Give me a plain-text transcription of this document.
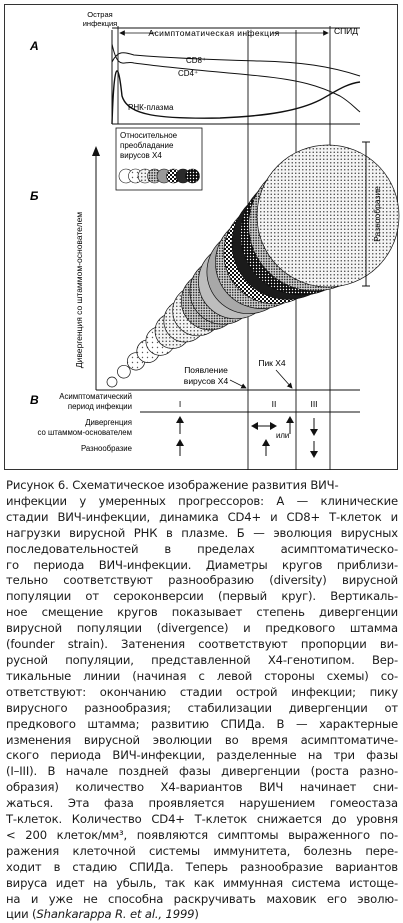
А
Острая
инфекция
Асимптоматическая инфекция	СПИД
CD8⁺
CD4⁺
РНК-плазма
Б
Дивергенция со штаммом-основателем
Относительное
преобладание
вирусов X4
Разнообразие
Пик X4
Появление
вирусов X4
В	Асимптоматический
период инфекции
Дивергенция
со штаммом-основателем
Разнообразие
I	II	III
или
Рисунок 6. Схематическое изображение развития ВИЧ-
инфекции у умеренных прогрессоров: А — клинические
стадии ВИЧ-инфекции, динамика CD4+ и CD8+ Т-клеток и
нагрузки вирусной РНК в плазме. Б — эволюция вирусных
последовательностей в пределах асимптоматическо-
го периода ВИЧ-инфекции. Диаметры кругов приблизи-
тельно соответствуют разнообразию (diversity) вирусной
популяции от сероконверсии (первый круг). Вертикаль-
ное смещение кругов показывает степень дивергенции
вирусной популяции (divergence) и предкового штамма
(founder strain). Затенения соответствуют пропорции ви-
русной популяции, представленной Х4-генотипом. Вер-
тикальные линии (начиная с левой стороны схемы) со-
ответствуют: окончанию стадии острой инфекции; пику
вирусного разнообразия; стабилизации дивергенции от
предкового штамма; развитию СПИДа. В — характерные
изменения вирусной эволюции во время асимптоматиче-
ского периода ВИЧ-инфекции, разделенные на три фазы
(I–III). В начале поздней фазы дивергенции (роста разно-
образия) количество Х4-вариантов ВИЧ начинает сни-
жаться. Эта фаза проявляется нарушением гомеостаза
Т-клеток. Количество CD4+ Т-клеток снижается до уровня
< 200 клеток/мм³, появляются симптомы выраженного по-
ражения клеточной системы иммунитета, болезнь пере-
ходит в стадию СПИДа. Теперь разнообразие вариантов
вируса идет на убыль, так как иммунная система истоще-
на и уже не способна раскручивать маховик его эволю-
ции (Shankarappa R. et al., 1999)
